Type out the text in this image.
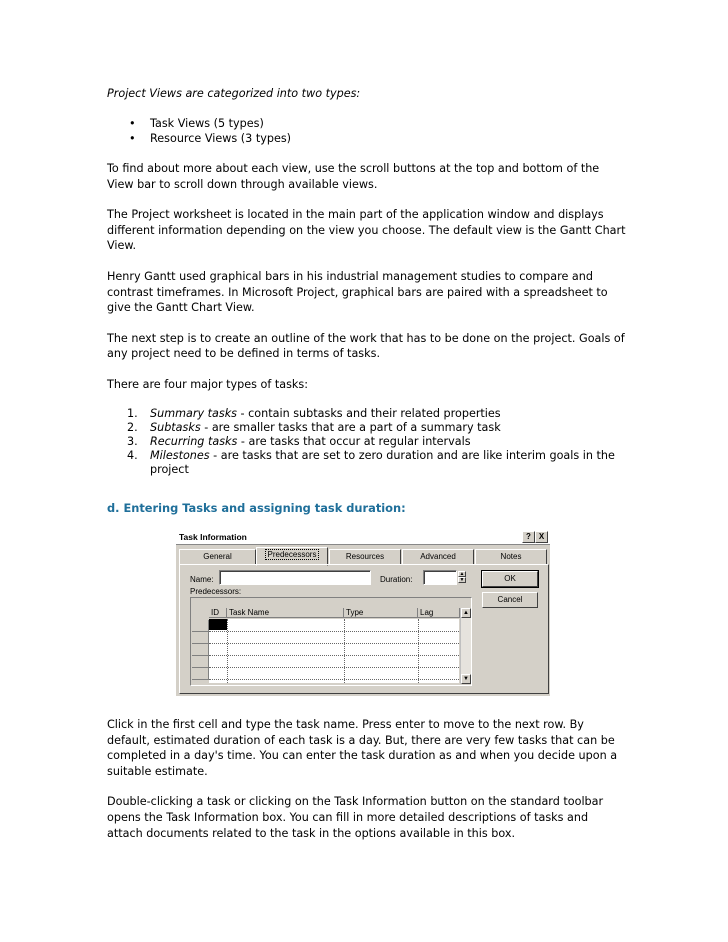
Project Views are categorized into two types:

• Task Views (5 types)
• Resource Views (3 types)

To find about more about each view, use the scroll buttons at the top and bottom of the View bar to scroll down through available views.

The Project worksheet is located in the main part of the application window and displays different information depending on the view you choose. The default view is the Gantt Chart View.

Henry Gantt used graphical bars in his industrial management studies to compare and contrast timeframes. In Microsoft Project, graphical bars are paired with a spreadsheet to give the Gantt Chart View.

The next step is to create an outline of the work that has to be done on the project. Goals of any project need to be defined in terms of tasks.

There are four major types of tasks:

1. Summary tasks - contain subtasks and their related properties
2. Subtasks - are smaller tasks that are a part of a summary task
3. Recurring tasks - are tasks that occur at regular intervals
4. Milestones - are tasks that are set to zero duration and are like interim goals in the project
d. Entering Tasks and assigning task duration:
Task Information	? X
General	Predecessors	Resources	Advanced	Notes
Name:	Duration:
▲
▼	OK
Cancel
Predecessors:
ID	Task Name	Type	Lag	▲
▼

Click in the first cell and type the task name. Press enter to move to the next row. By default, estimated duration of each task is a day. But, there are very few tasks that can be completed in a day's time. You can enter the task duration as and when you decide upon a suitable estimate.

Double-clicking a task or clicking on the Task Information button on the standard toolbar opens the Task Information box. You can fill in more detailed descriptions of tasks and attach documents related to the task in the options available in this box.
